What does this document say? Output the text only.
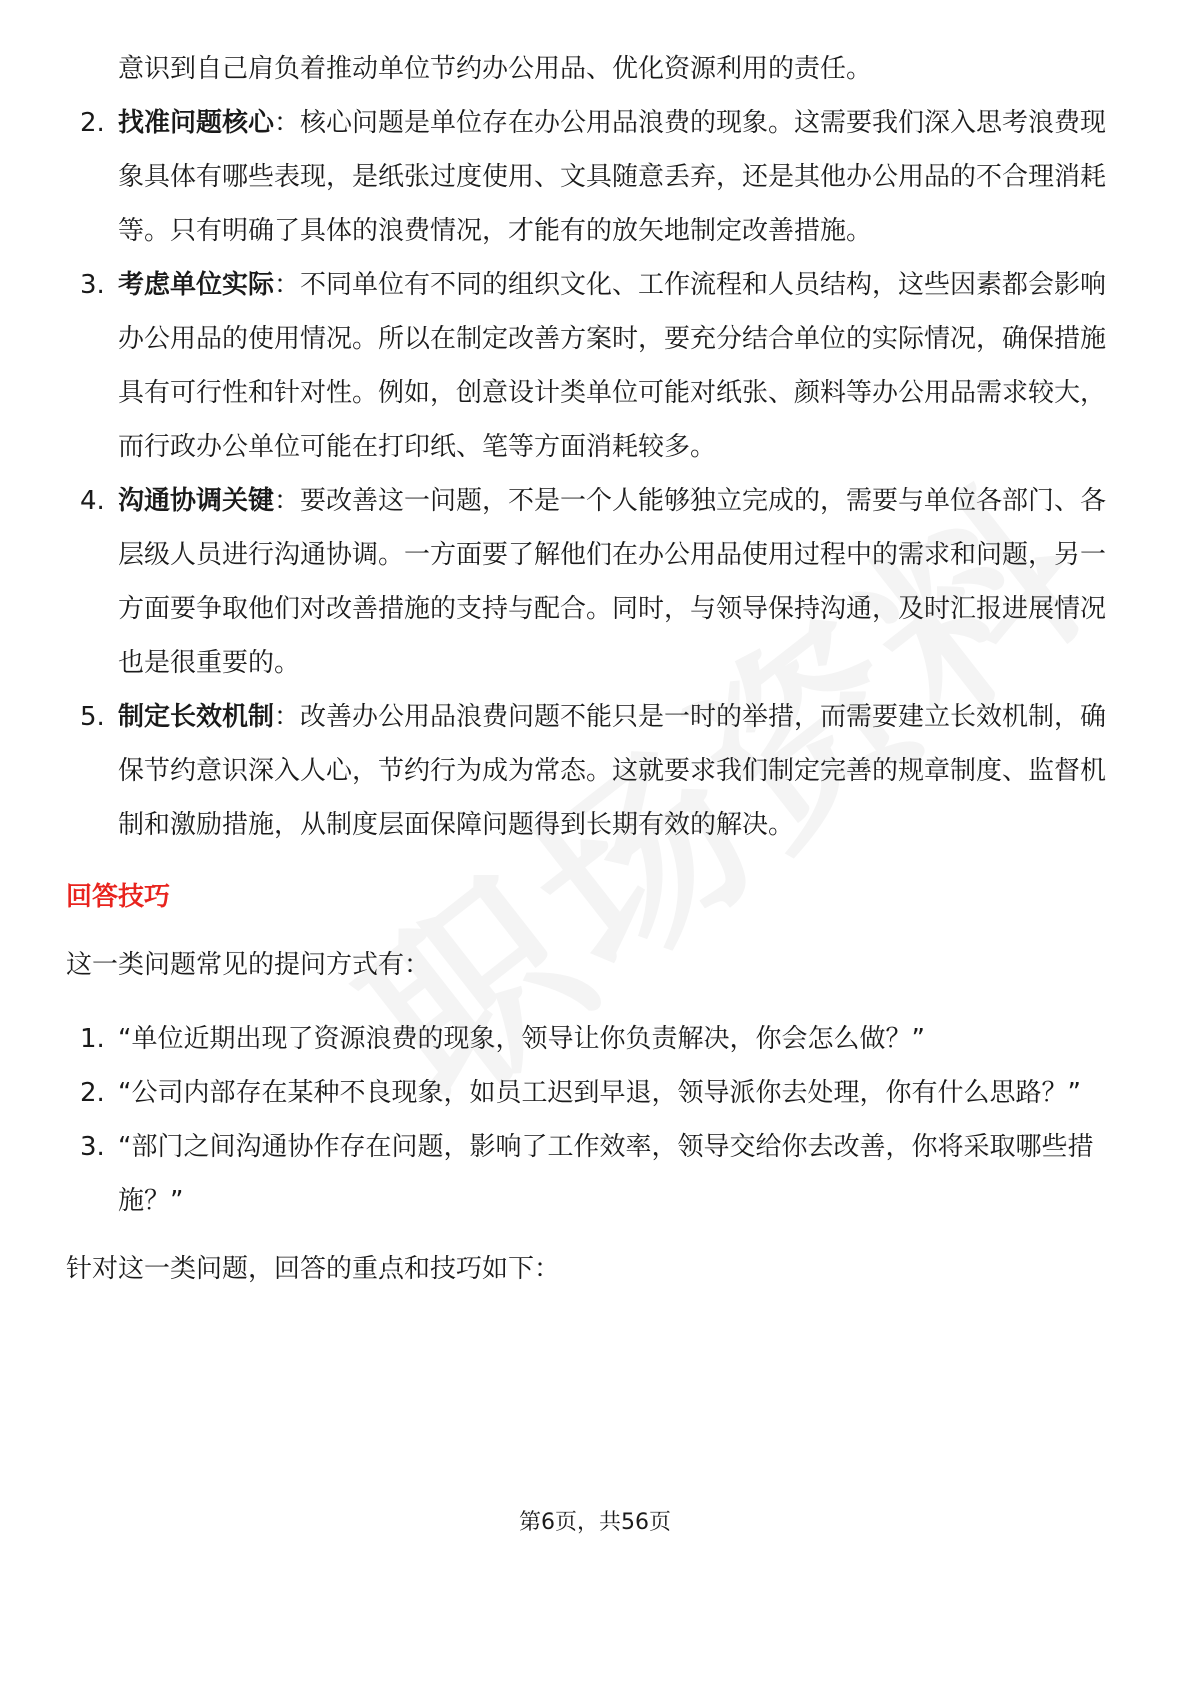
意识到自己肩负着推动单位节约办公用品、优化资源利用的责任。
2. 找准问题核心：核心问题是单位存在办公用品浪费的现象。这需要我们深入思考浪费现象具体有哪些表现，是纸张过度使用、文具随意丢弃，还是其他办公用品的不合理消耗等。只有明确了具体的浪费情况，才能有的放矢地制定改善措施。
3. 考虑单位实际：不同单位有不同的组织文化、工作流程和人员结构，这些因素都会影响办公用品的使用情况。所以在制定改善方案时，要充分结合单位的实际情况，确保措施具有可行性和针对性。例如，创意设计类单位可能对纸张、颜料等办公用品需求较大，而行政办公单位可能在打印纸、笔等方面消耗较多。
4. 沟通协调关键：要改善这一问题，不是一个人能够独立完成的，需要与单位各部门、各层级人员进行沟通协调。一方面要了解他们在办公用品使用过程中的需求和问题，另一方面要争取他们对改善措施的支持与配合。同时，与领导保持沟通，及时汇报进展情况也是很重要的。
5. 制定长效机制：改善办公用品浪费问题不能只是一时的举措，而需要建立长效机制，确保节约意识深入人心，节约行为成为常态。这就要求我们制定完善的规章制度、监督机制和激励措施，从制度层面保障问题得到长期有效的解决。
回答技巧
这一类问题常见的提问方式有：
1. “单位近期出现了资源浪费的现象，领导让你负责解决，你会怎么做？”
2. “公司内部存在某种不良现象，如员工迟到早退，领导派你去处理，你有什么思路？”
3. “部门之间沟通协作存在问题，影响了工作效率，领导交给你去改善，你将采取哪些措施？”
针对这一类问题，回答的重点和技巧如下：
第6页，共56页
